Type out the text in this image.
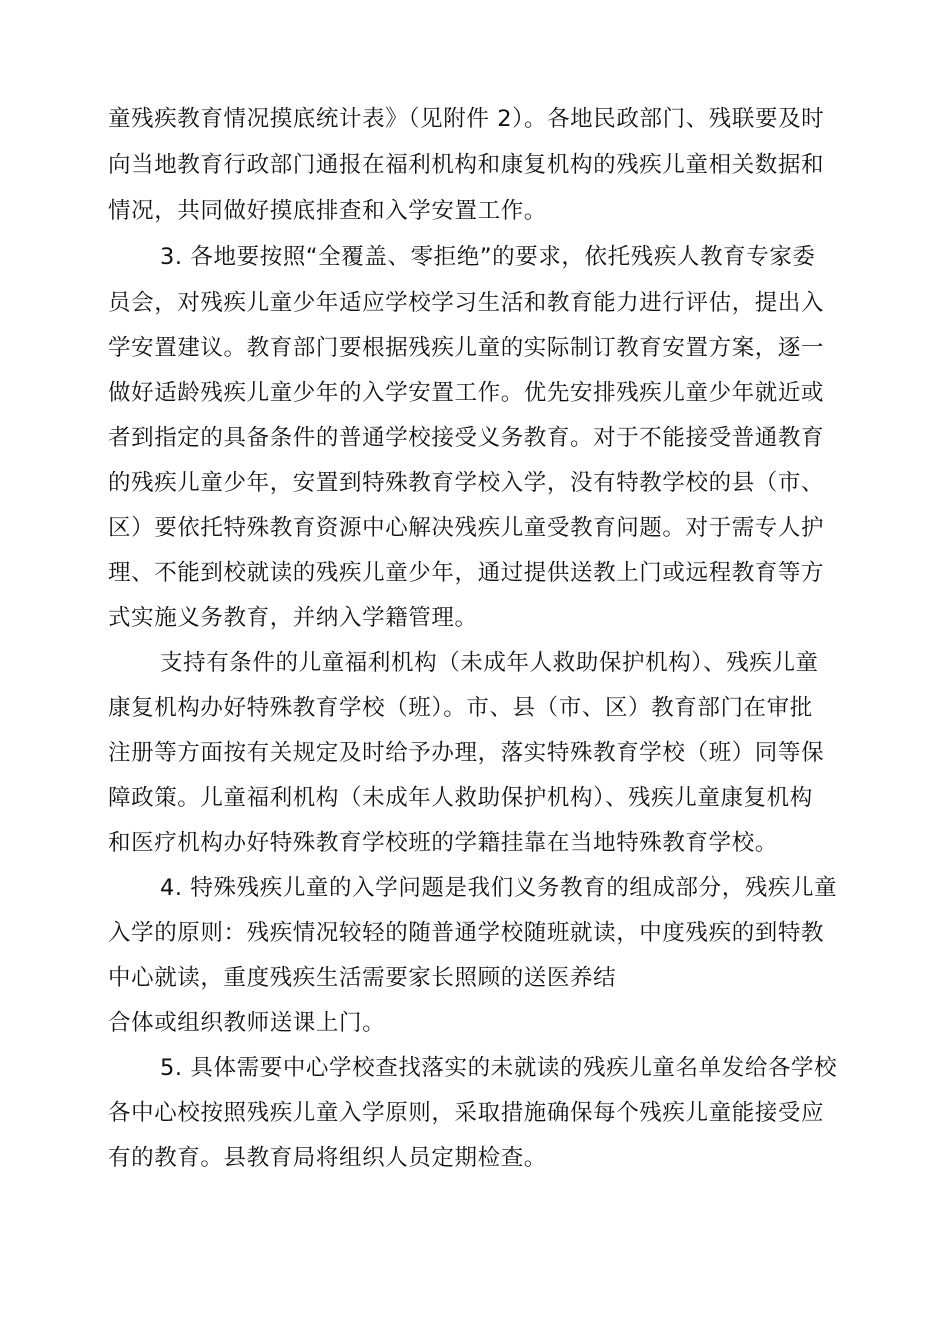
童残疾教育情况摸底统计表》（见附件 2）。各地民政部门、残联要及时

向当地教育行政部门通报在福利机构和康复机构的残疾儿童相关数据和

情况，共同做好摸底排查和入学安置工作。

3. 各地要按照“全覆盖、零拒绝”的要求，依托残疾人教育专家委

员会，对残疾儿童少年适应学校学习生活和教育能力进行评估，提出入

学安置建议。教育部门要根据残疾儿童的实际制订教育安置方案，逐一

做好适龄残疾儿童少年的入学安置工作。优先安排残疾儿童少年就近或

者到指定的具备条件的普通学校接受义务教育。对于不能接受普通教育

的残疾儿童少年，安置到特殊教育学校入学，没有特教学校的县（市、

区）要依托特殊教育资源中心解决残疾儿童受教育问题。对于需专人护

理、不能到校就读的残疾儿童少年，通过提供送教上门或远程教育等方

式实施义务教育，并纳入学籍管理。

支持有条件的儿童福利机构（未成年人救助保护机构）、残疾儿童

康复机构办好特殊教育学校（班）。市、县（市、区）教育部门在审批

注册等方面按有关规定及时给予办理，落实特殊教育学校（班）同等保

障政策。儿童福利机构（未成年人救助保护机构）、残疾儿童康复机构

和医疗机构办好特殊教育学校班的学籍挂靠在当地特殊教育学校。

4. 特殊残疾儿童的入学问题是我们义务教育的组成部分，残疾儿童

入学的原则：残疾情况较轻的随普通学校随班就读，中度残疾的到特教

中心就读，重度残疾生活需要家长照顾的送医养结

合体或组织教师送课上门。

5. 具体需要中心学校查找落实的未就读的残疾儿童名单发给各学校

各中心校按照残疾儿童入学原则，采取措施确保每个残疾儿童能接受应

有的教育。县教育局将组织人员定期检查。
